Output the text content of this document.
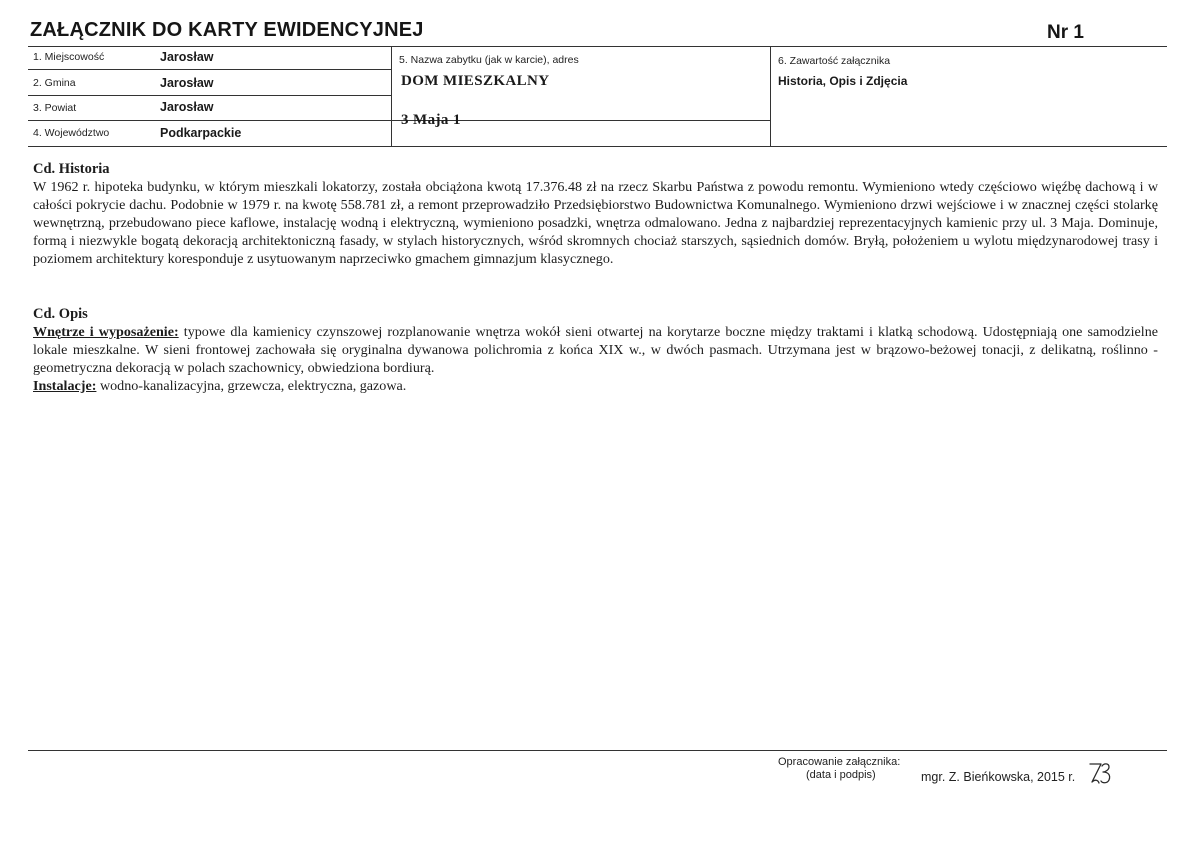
ZAŁĄCZNIK DO KARTY EWIDENCYJNEJ	Nr 1
1. Miejscowość	Jarosław
2. Gmina	Jarosław
3. Powiat	Jarosław
4. Województwo	Podkarpackie
5. Nazwa zabytku (jak w karcie), adres
DOM MIESZKALNY
3 Maja 1
6. Zawartość załącznika
Historia, Opis i Zdjęcia
Cd. Historia

W 1962 r. hipoteka budynku, w którym mieszkali lokatorzy, została obciążona kwotą 17.376.48 zł na rzecz Skarbu Państwa z powodu remontu. Wymieniono wtedy częściowo więźbę dachową i w całości pokrycie dachu. Podobnie w 1979 r. na kwotę 558.781 zł, a remont przeprowadziło Przedsiębiorstwo Budownictwa Komunalnego. Wymieniono drzwi wejściowe i w znacznej części stolarkę wewnętrzną, przebudowano piece kaflowe, instalację wodną i elektryczną, wymieniono posadzki, wnętrza odmalowano. Jedna z najbardziej reprezentacyjnych kamienic przy ul. 3 Maja. Dominuje, formą i niezwykle bogatą dekoracją architektoniczną fasady, w stylach historycznych, wśród skromnych chociaż starszych, sąsiednich domów. Bryłą, położeniem u wylotu międzynarodowej trasy i poziomem architektury koresponduje z usytuowanym naprzeciwko gmachem gimnazjum klasycznego.

Cd. Opis

Wnętrze i wyposażenie: typowe dla kamienicy czynszowej rozplanowanie wnętrza wokół sieni otwartej na korytarze boczne między traktami i klatką schodową. Udostępniają one samodzielne lokale mieszkalne. W sieni frontowej zachowała się oryginalna dywanowa polichromia z końca XIX w., w dwóch pasmach. Utrzymana jest w brązowo-beżowej tonacji, z delikatną, roślinno - geometryczna dekoracją w polach szachownicy, obwiedziona bordiurą.

Instalacje: wodno-kanalizacyjna, grzewcza, elektryczna, gazowa.

Opracowanie załącznika:
(data i podpis)	mgr. Z. Bieńkowska, 2015 r.
